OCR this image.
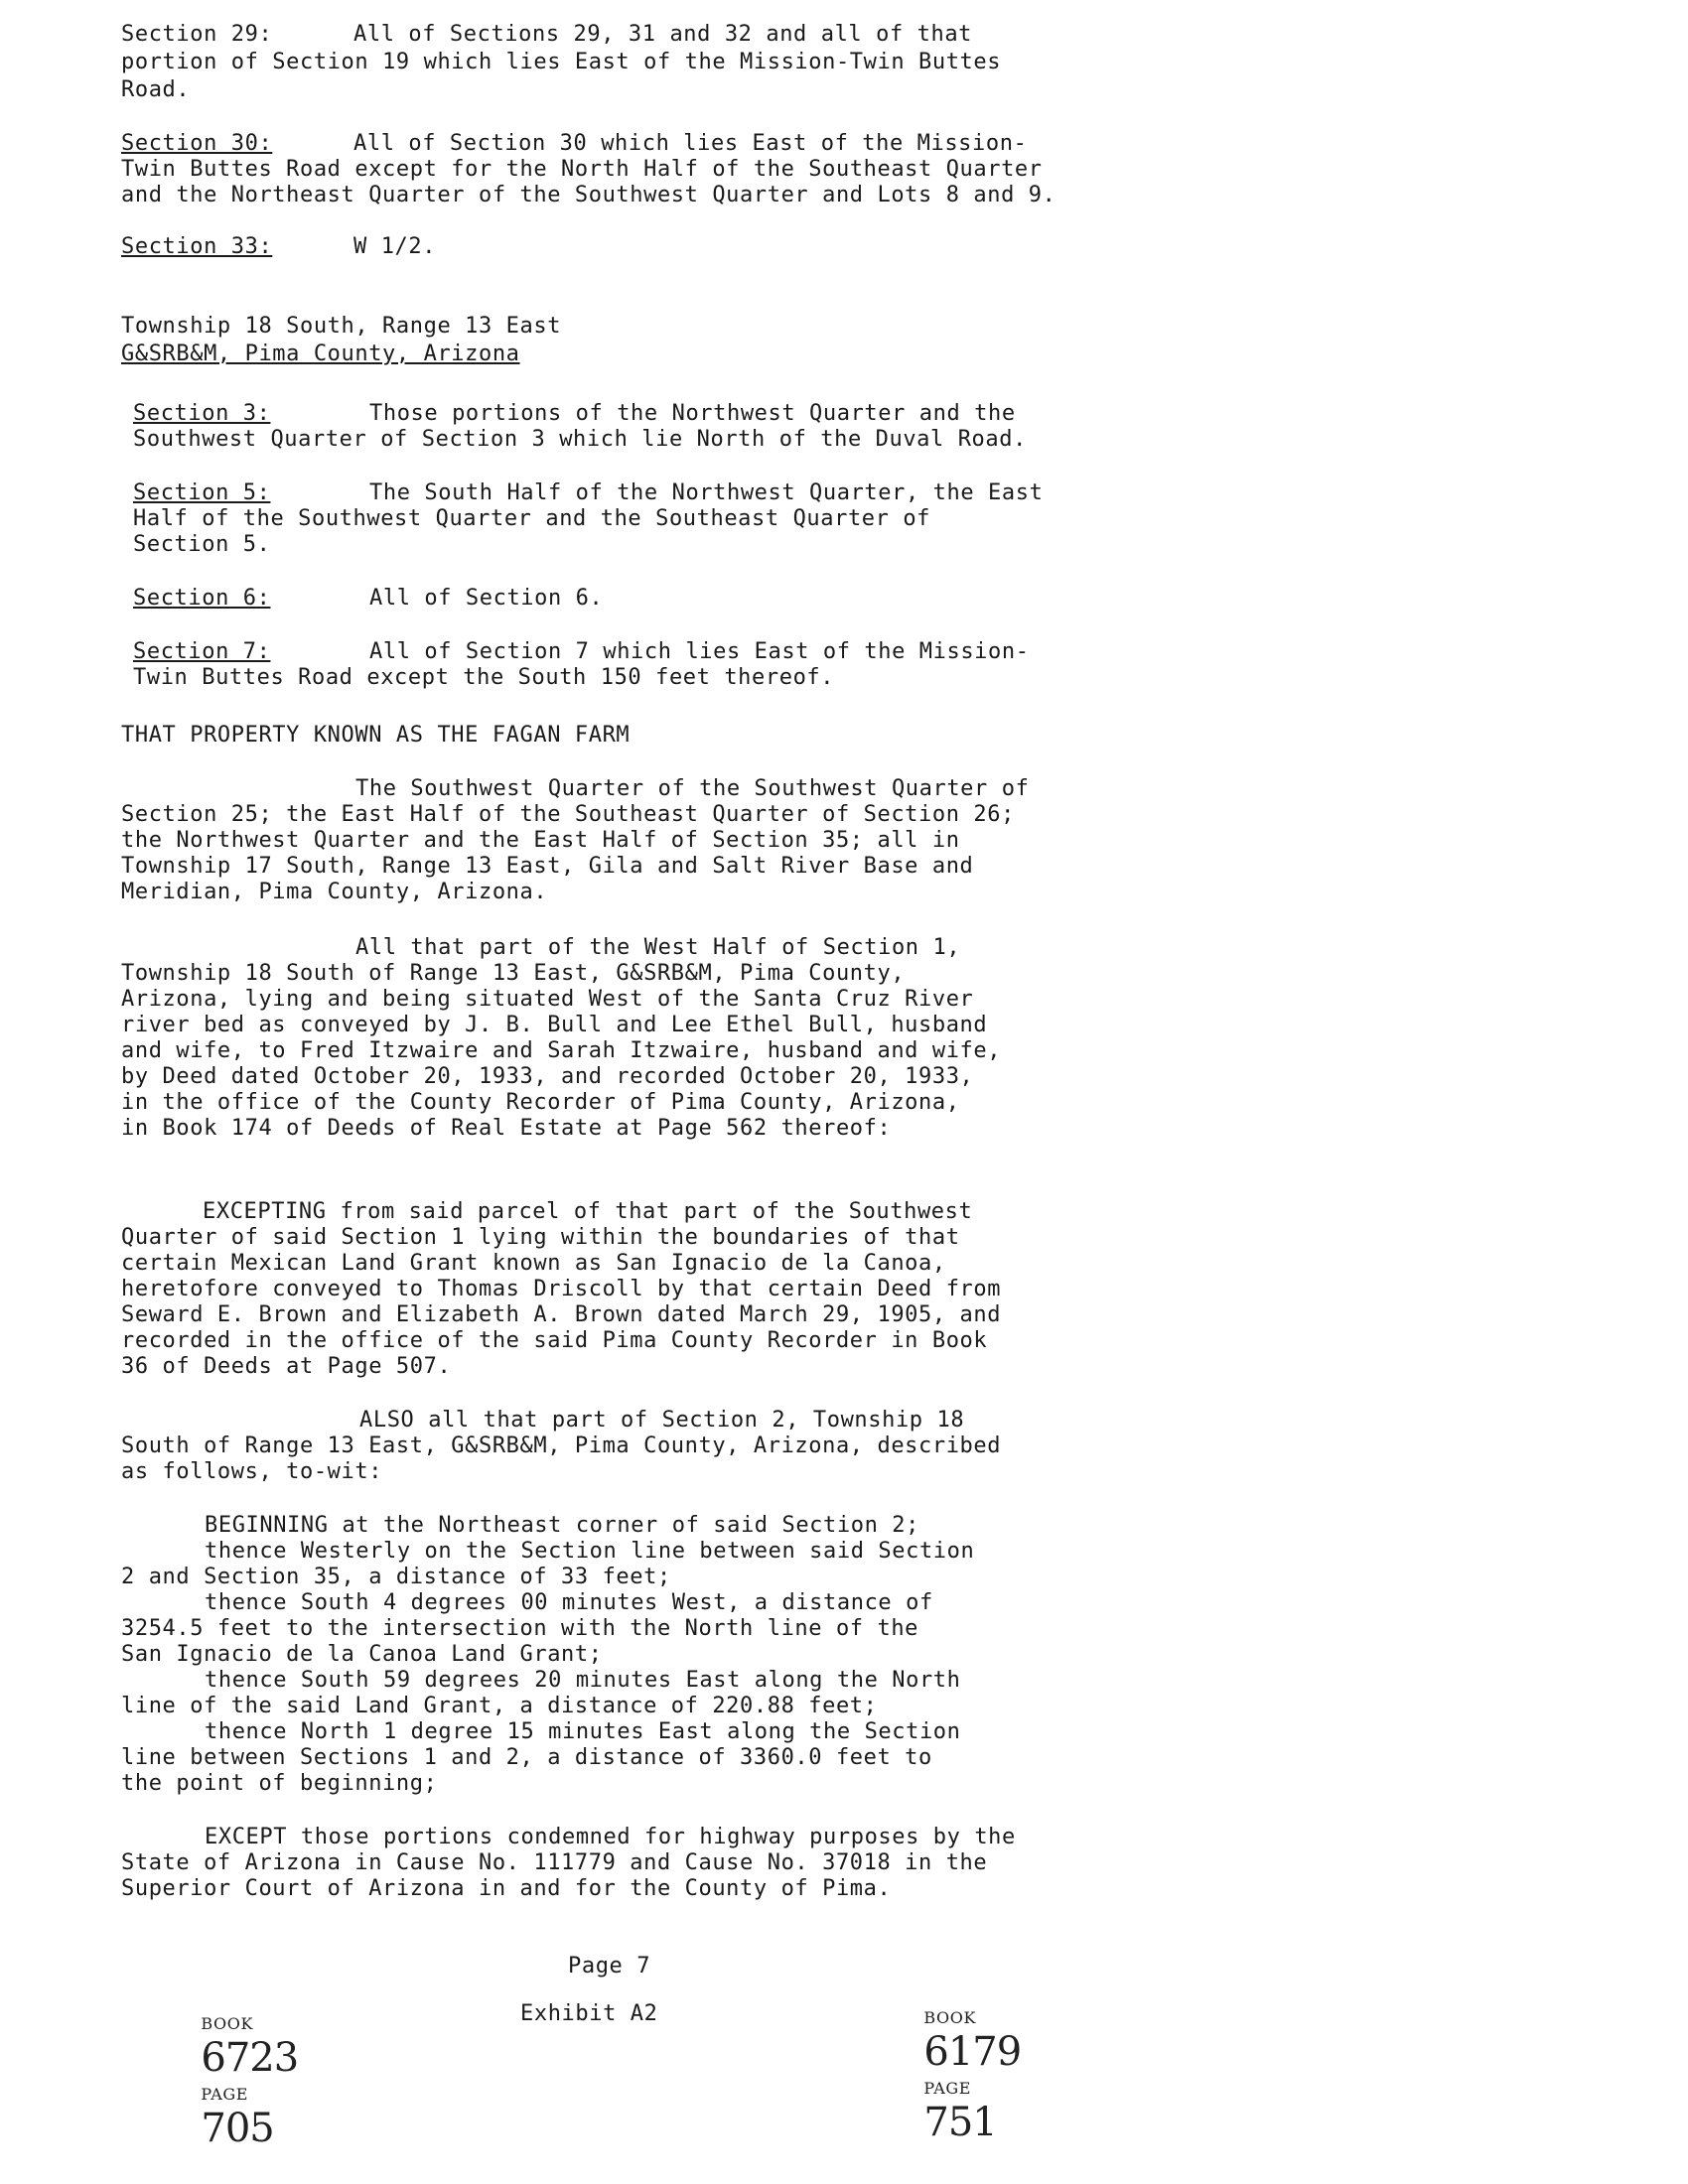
Section 29:	All of Sections 29, 31 and 32 and all of that
portion of Section 19 which lies East of the Mission-Twin Buttes
Road.
Section 30:	All of Section 30 which lies East of the Mission-
Twin Buttes Road except for the North Half of the Southeast Quarter
and the Northeast Quarter of the Southwest Quarter and Lots 8 and 9.
Section 33:	W 1/2.
Township 18 South, Range 13 East
G&SRB&M, Pima County, Arizona
Section 3:	Those portions of the Northwest Quarter and the
Southwest Quarter of Section 3 which lie North of the Duval Road.
Section 5:	The South Half of the Northwest Quarter, the East
Half of the Southwest Quarter and the Southeast Quarter of
Section 5.
Section 6:	All of Section 6.
Section 7:	All of Section 7 which lies East of the Mission-
Twin Buttes Road except the South 150 feet thereof.
THAT PROPERTY KNOWN AS THE FAGAN FARM
The Southwest Quarter of the Southwest Quarter of
Section 25; the East Half of the Southeast Quarter of Section 26;
the Northwest Quarter and the East Half of Section 35; all in
Township 17 South, Range 13 East, Gila and Salt River Base and
Meridian, Pima County, Arizona.
All that part of the West Half of Section 1,
Township 18 South of Range 13 East, G&SRB&M, Pima County,
Arizona, lying and being situated West of the Santa Cruz River
river bed as conveyed by J. B. Bull and Lee Ethel Bull, husband
and wife, to Fred Itzwaire and Sarah Itzwaire, husband and wife,
by Deed dated October 20, 1933, and recorded October 20, 1933,
in the office of the County Recorder of Pima County, Arizona,
in Book 174 of Deeds of Real Estate at Page 562 thereof:
EXCEPTING from said parcel of that part of the Southwest
Quarter of said Section 1 lying within the boundaries of that
certain Mexican Land Grant known as San Ignacio de la Canoa,
heretofore conveyed to Thomas Driscoll by that certain Deed from
Seward E. Brown and Elizabeth A. Brown dated March 29, 1905, and
recorded in the office of the said Pima County Recorder in Book
36 of Deeds at Page 507.
ALSO all that part of Section 2, Township 18
South of Range 13 East, G&SRB&M, Pima County, Arizona, described
as follows, to-wit:
BEGINNING at the Northeast corner of said Section 2;
thence Westerly on the Section line between said Section
2 and Section 35, a distance of 33 feet;
thence South 4 degrees 00 minutes West, a distance of
3254.5 feet to the intersection with the North line of the
San Ignacio de la Canoa Land Grant;
thence South 59 degrees 20 minutes East along the North
line of the said Land Grant, a distance of 220.88 feet;
thence North 1 degree 15 minutes East along the Section
line between Sections 1 and 2, a distance of 3360.0 feet to
the point of beginning;
EXCEPT those portions condemned for highway purposes by the
State of Arizona in Cause No. 111779 and Cause No. 37018 in the
Superior Court of Arizona in and for the County of Pima.
Page 7
Exhibit A2

BOOK
6723
PAGE
705

BOOK
6179
PAGE
751
